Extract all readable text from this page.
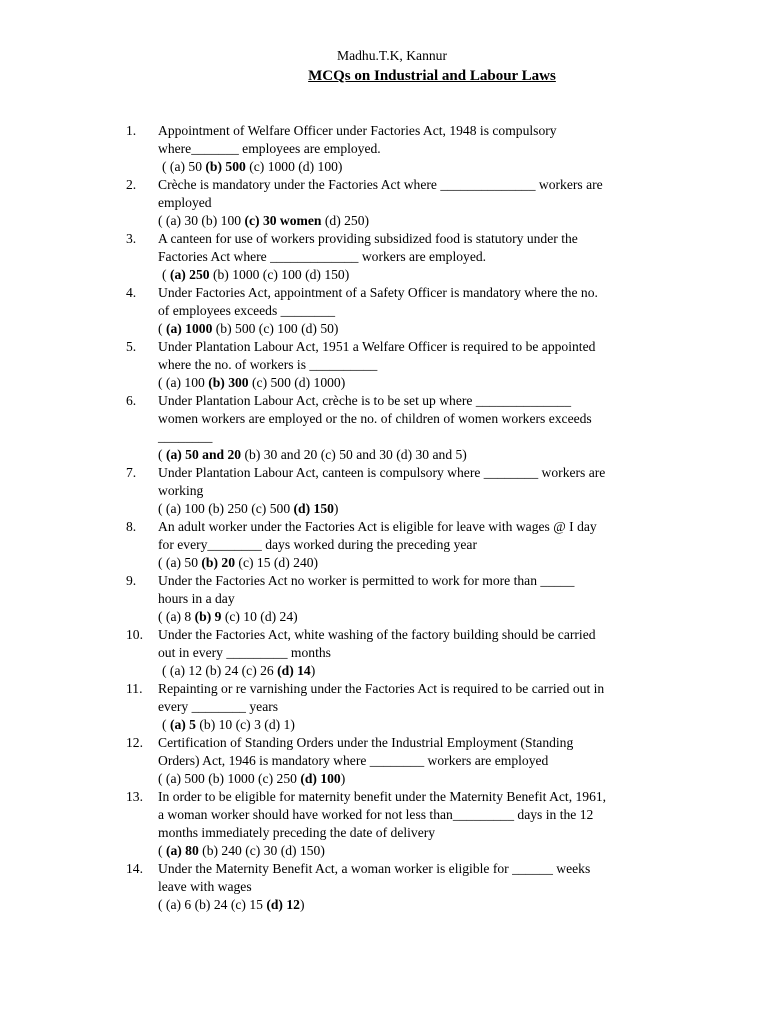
Madhu.T.K, Kannur
MCQs on Industrial and Labour Laws
1.	Appointment of Welfare Officer under Factories Act, 1948 is compulsory
where_______ employees are employed.
( (a) 50 (b) 500 (c) 1000 (d) 100)
2.	Crèche is mandatory under the Factories Act where ______________ workers are
employed
( (a) 30 (b) 100 (c) 30 women (d) 250)
3.	A canteen for use of workers providing subsidized food is statutory under the
Factories Act where _____________ workers are employed.
( (a) 250 (b) 1000 (c) 100 (d) 150)
4.	Under Factories Act, appointment of a Safety Officer is mandatory where the no.
of employees exceeds ________
( (a) 1000 (b) 500 (c) 100 (d) 50)
5.	Under Plantation Labour Act, 1951 a Welfare Officer is required to be appointed
where the no. of workers is __________
( (a) 100 (b) 300 (c) 500 (d) 1000)
6.	Under Plantation Labour Act, crèche is to be set up where ______________
women workers are employed or the no. of children of women workers exceeds
________
( (a) 50 and 20 (b) 30 and 20 (c) 50 and 30 (d) 30 and 5)
7.	Under Plantation Labour Act, canteen is compulsory where ________ workers are
working
( (a) 100 (b) 250 (c) 500 (d) 150)
8.	An adult worker under the Factories Act is eligible for leave with wages @ I day
for every________ days worked during the preceding year
( (a) 50 (b) 20 (c) 15 (d) 240)
9.	Under the Factories Act no worker is permitted to work for more than _____
hours in a day
( (a) 8 (b) 9 (c) 10 (d) 24)
10.	Under the Factories Act, white washing of the factory building should be carried
out in every _________ months
( (a) 12 (b) 24 (c) 26 (d) 14)
11.	Repainting or re varnishing under the Factories Act is required to be carried out in
every ________ years
( (a) 5 (b) 10 (c) 3 (d) 1)
12.	Certification of Standing Orders under the Industrial Employment (Standing
Orders) Act, 1946 is mandatory where ________ workers are employed
( (a) 500 (b) 1000 (c) 250 (d) 100)
13.	In order to be eligible for maternity benefit under the Maternity Benefit Act, 1961,
a woman worker should have worked for not less than_________ days in the 12
months immediately preceding the date of delivery
( (a) 80 (b) 240 (c) 30 (d) 150)
14.	Under the Maternity Benefit Act, a woman worker is eligible for ______ weeks
leave with wages
( (a) 6 (b) 24 (c) 15 (d) 12)
